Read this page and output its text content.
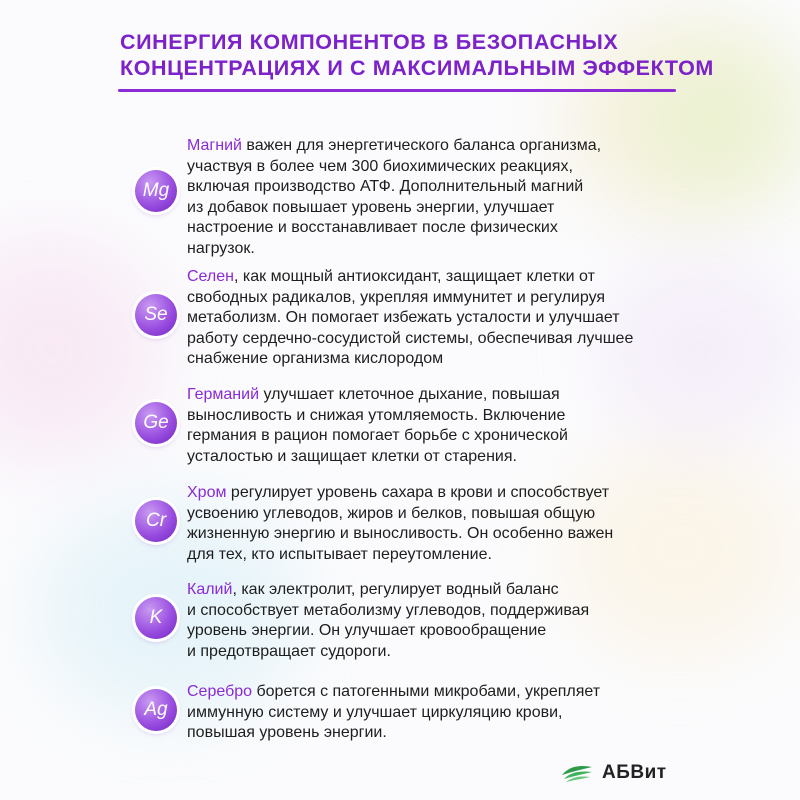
СИНЕРГИЯ КОМПОНЕНТОВ В БЕЗОПАСНЫХ
КОНЦЕНТРАЦИЯХ И С МАКСИМАЛЬНЫМ ЭФФЕКТОМ
Mg
Магний важен для энергетического баланса организма,
участвуя в более чем 300 биохимических реакциях,
включая производство АТФ. Дополнительный магний
из добавок повышает уровень энергии, улучшает
настроение и восстанавливает после физических
нагрузок.
Se
Селен, как мощный антиоксидант, защищает клетки от
свободных радикалов, укрепляя иммунитет и регулируя
метаболизм. Он помогает избежать усталости и улучшает
работу сердечно-сосудистой системы, обеспечивая лучшее
снабжение организма кислородом
Ge
Германий улучшает клеточное дыхание, повышая
выносливость и снижая утомляемость. Включение
германия в рацион помогает борьбе с хронической
усталостью и защищает клетки от старения.
Cr
Хром регулирует уровень сахара в крови и способствует
усвоению углеводов, жиров и белков, повышая общую
жизненную энергию и выносливость. Он особенно важен
для тех, кто испытывает переутомление.
K
Калий, как электролит, регулирует водный баланс
и способствует метаболизму углеводов, поддерживая
уровень энергии. Он улучшает кровообращение
и предотвращает судороги.
Ag
Серебро борется с патогенными микробами, укрепляет
иммунную систему и улучшает циркуляцию крови,
повышая уровень энергии.
АБВит
